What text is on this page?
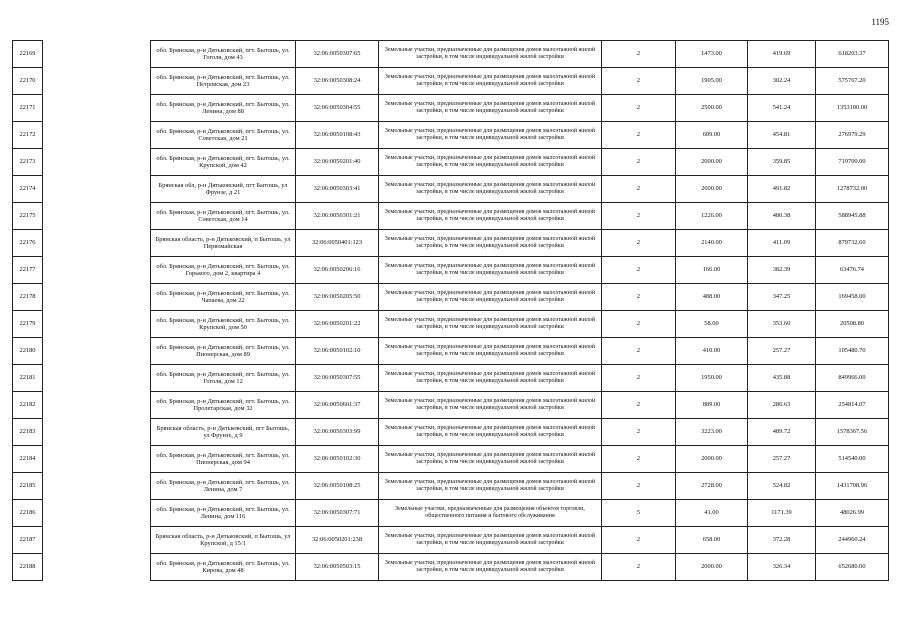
1195
22169		обл. Брянская, р-н Дятьковский, пгт. Бытошь, ул. Гоголя, дом 43	32:06:0050307:65	Земельные участки, предназначенные для размещения домов малоэтажной жилой застройки, в том числе индивидуальной жилой застройки	2	1473.00	419.69	618203.37
22170		обл. Брянская, р-н Дятьковский, пгт. Бытошь, ул. Петровская, дом 23	32:06:0050308:24	Земельные участки, предназначенные для размещения домов малоэтажной жилой застройки, в том числе индивидуальной жилой застройки	2	1905.00	302.24	575767.20
22171		обл. Брянская, р-н Дятьковский, пгт. Бытошь, ул. Ленина, дом 88	32:06:0050304:55	Земельные участки, предназначенные для размещения домов малоэтажной жилой застройки, в том числе индивидуальной жилой застройки	2	2500.00	541.24	1353100.00
22172		обл. Брянская, р-н Дятьковский, пгт. Бытошь, ул. Советская, дом 21	32:06:0050108:43	Земельные участки, предназначенные для размещения домов малоэтажной жилой застройки, в том числе индивидуальной жилой застройки	2	609.00	454.81	276979.29
22173		обл. Брянская, р-н Дятьковский, пгт. Бытошь, ул. Крупской, дом 42	32:06:0050201:40	Земельные участки, предназначенные для размещения домов малоэтажной жилой застройки, в том числе индивидуальной жилой застройки	2	2000.00	359.85	719700.00
22174		Брянская обл, р-н Дятьковский, пгт Бытошь, ул Фрунзе, д 21	32:06:0050303:41	Земельные участки, предназначенные для размещения домов малоэтажной жилой застройки, в том числе индивидуальной жилой застройки	2	2600.00	491.82	1278732.00
22175		обл. Брянская, р-н Дятьковский, пгт. Бытошь, ул. Советская, дом 14	32:06:0050301:21	Земельные участки, предназначенные для размещения домов малоэтажной жилой застройки, в том числе индивидуальной жилой застройки	2	1226.00	480.38	588945.88
22176		Брянская область, р-н Дятьковский, п Бытошь, ул Первомайская	32:06:0050401:123	Земельные участки, предназначенные для размещения домов малоэтажной жилой застройки, в том числе индивидуальной жилой застройки	2	2140.00	411.09	879732.60
22177		обл. Брянская, р-н Дятьковский, пгт. Бытошь, ул. Горького, дом 2, квартира 4	32:06:0050206:16	Земельные участки, предназначенные для размещения домов малоэтажной жилой застройки, в том числе индивидуальной жилой застройки	2	166.00	382.39	63476.74
22178		обл. Брянская, р-н Дятьковский, пгт. Бытошь, ул. Чапаева, дом 22	32:06:0050205:50	Земельные участки, предназначенные для размещения домов малоэтажной жилой застройки, в том числе индивидуальной жилой застройки	2	488.00	347.25	169458.00
22179		обл. Брянская, р-н Дятьковский, пгт. Бытошь, ул. Крупской, дом 50	32:06:0050201:22	Земельные участки, предназначенные для размещения домов малоэтажной жилой застройки, в том числе индивидуальной жилой застройки	2	58.00	353.60	20508.80
22180		обл. Брянская, р-н Дятьковский, пгт. Бытошь, ул. Пионерская, дом 89	32:06:0050102:10	Земельные участки, предназначенные для размещения домов малоэтажной жилой застройки, в том числе индивидуальной жилой застройки	2	410.00	257.27	105480.70
22181		обл. Брянская, р-н Дятьковский, пгт. Бытошь, ул. Гоголя, дом 12	32:06:0050307:55	Земельные участки, предназначенные для размещения домов малоэтажной жилой застройки, в том числе индивидуальной жилой застройки	2	1950.00	435.88	849966.00
22182		обл. Брянская, р-н Дятьковский, пгт. Бытошь, ул. Пролетарская, дом 32	32:06:0050601:37	Земельные участки, предназначенные для размещения домов малоэтажной жилой застройки, в том числе индивидуальной жилой застройки	2	889.00	286.63	254814.07
22183		Брянская область, р-н Дятьковский, пгт Бытошь, ул Фрунзе, д 9	32:06:0050303:99	Земельные участки, предназначенные для размещения домов малоэтажной жилой застройки, в том числе индивидуальной жилой застройки	2	3223.00	489.72	1578367.56
22184		обл. Брянская, р-н Дятьковский, пгт. Бытошь, ул. Пионерская, дом 94	32:06:0050102:30	Земельные участки, предназначенные для размещения домов малоэтажной жилой застройки, в том числе индивидуальной жилой застройки	2	2000.00	257.27	514540.00
22185		обл. Брянская, р-н Дятьковский, пгт. Бытошь, ул. Ленина, дом 7	32:06:0050108:25	Земельные участки, предназначенные для размещения домов малоэтажной жилой застройки, в том числе индивидуальной жилой застройки	2	2728.00	524.82	1431708.96
22186		обл. Брянская, р-н Дятьковский, пгт. Бытошь, ул. Ленина, дом 116	32:06:0050307:71	Земельные участки, предназначенные для размещения объектов торговли, общественного питания и бытового обслуживания	5	41.00	1171.39	48026.99
22187		Брянская область, р-н Дятьковский, п Бытошь, ул Крупской, д 15/1	32:06:0050201:238	Земельные участки, предназначенные для размещения домов малоэтажной жилой застройки, в том числе индивидуальной жилой застройки	2	658.00	372.28	244960.24
22188		обл. Брянская, р-н Дятьковский, пгт. Бытошь, ул. Кирова, дом 48	32:06:0050503:15	Земельные участки, предназначенные для размещения домов малоэтажной жилой застройки, в том числе индивидуальной жилой застройки	2	2000.00	326.34	652680.00
